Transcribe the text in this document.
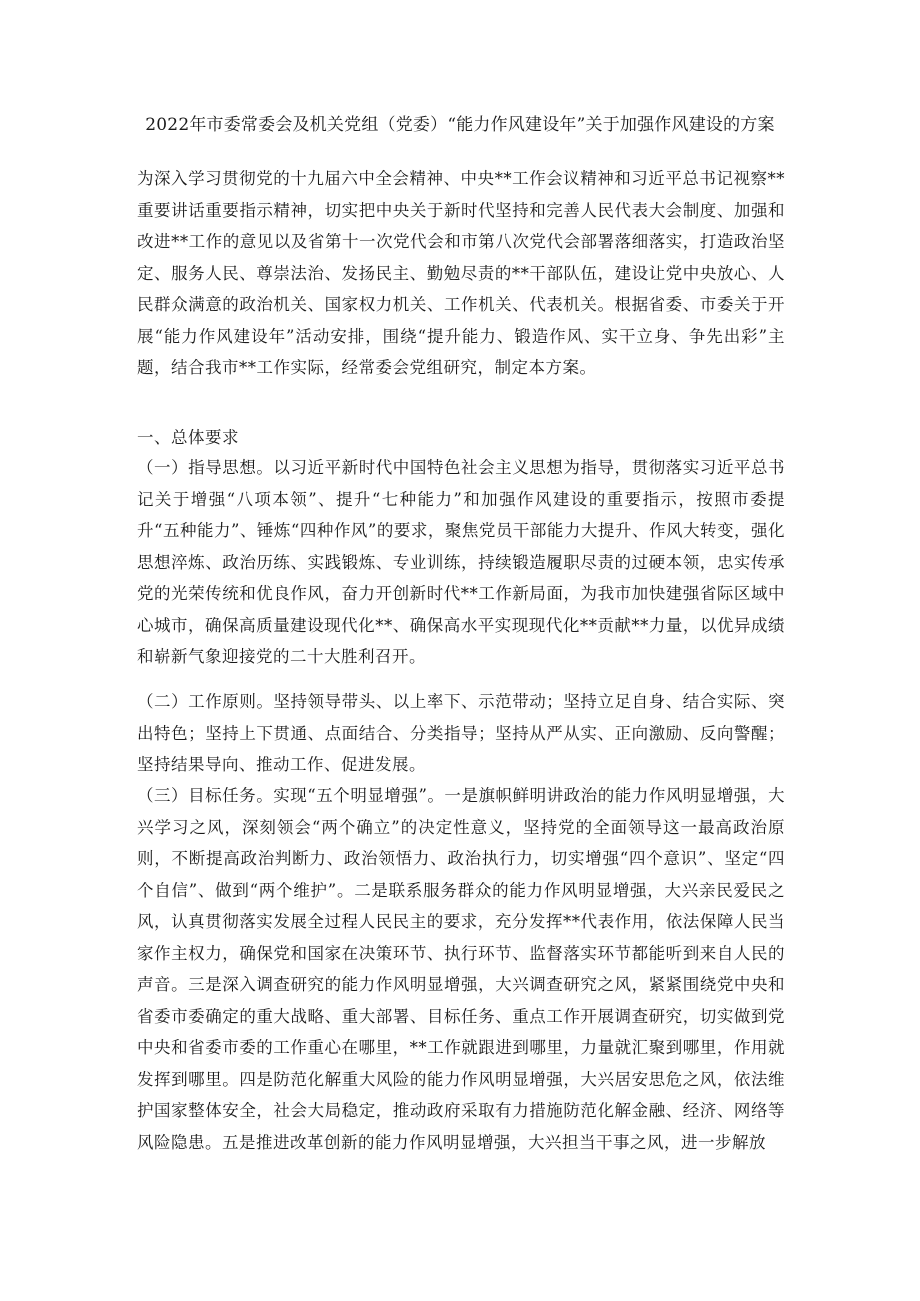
2022年市委常委会及机关党组（党委）“能力作风建设年”关于加强作风建设的方案
为深入学习贯彻党的十九届六中全会精神、中央**工作会议精神和习近平总书记视察**重要讲话重要指示精神，切实把中央关于新时代坚持和完善人民代表大会制度、加强和改进**工作的意见以及省第十一次党代会和市第八次党代会部署落细落实，打造政治坚定、服务人民、尊崇法治、发扬民主、勤勉尽责的**干部队伍，建设让党中央放心、人民群众满意的政治机关、国家权力机关、工作机关、代表机关。根据省委、市委关于开展“能力作风建设年”活动安排，围绕“提升能力、锻造作风、实干立身、争先出彩”主题，结合我市**工作实际，经常委会党组研究，制定本方案。
一、总体要求
（一）指导思想。以习近平新时代中国特色社会主义思想为指导，贯彻落实习近平总书记关于增强“八项本领”、提升“七种能力”和加强作风建设的重要指示，按照市委提升“五种能力”、锤炼“四种作风”的要求，聚焦党员干部能力大提升、作风大转变，强化思想淬炼、政治历练、实践锻炼、专业训练，持续锻造履职尽责的过硬本领，忠实传承党的光荣传统和优良作风，奋力开创新时代**工作新局面，为我市加快建强省际区域中心城市，确保高质量建设现代化**、确保高水平实现现代化**贡献**力量，以优异成绩和崭新气象迎接党的二十大胜利召开。
（二）工作原则。坚持领导带头、以上率下、示范带动；坚持立足自身、结合实际、突出特色；坚持上下贯通、点面结合、分类指导；坚持从严从实、正向激励、反向警醒；坚持结果导向、推动工作、促进发展。
（三）目标任务。实现“五个明显增强”。一是旗帜鲜明讲政治的能力作风明显增强，大兴学习之风，深刻领会“两个确立”的决定性意义，坚持党的全面领导这一最高政治原则，不断提高政治判断力、政治领悟力、政治执行力，切实增强“四个意识”、坚定“四个自信”、做到“两个维护”。二是联系服务群众的能力作风明显增强，大兴亲民爱民之风，认真贯彻落实发展全过程人民民主的要求，充分发挥**代表作用，依法保障人民当家作主权力，确保党和国家在决策环节、执行环节、监督落实环节都能听到来自人民的声音。三是深入调查研究的能力作风明显增强，大兴调查研究之风，紧紧围绕党中央和省委市委确定的重大战略、重大部署、目标任务、重点工作开展调查研究，切实做到党中央和省委市委的工作重心在哪里，**工作就跟进到哪里，力量就汇聚到哪里，作用就发挥到哪里。四是防范化解重大风险的能力作风明显增强，大兴居安思危之风，依法维护国家整体安全，社会大局稳定，推动政府采取有力措施防范化解金融、经济、网络等风险隐患。五是推进改革创新的能力作风明显增强，大兴担当干事之风，进一步解放
